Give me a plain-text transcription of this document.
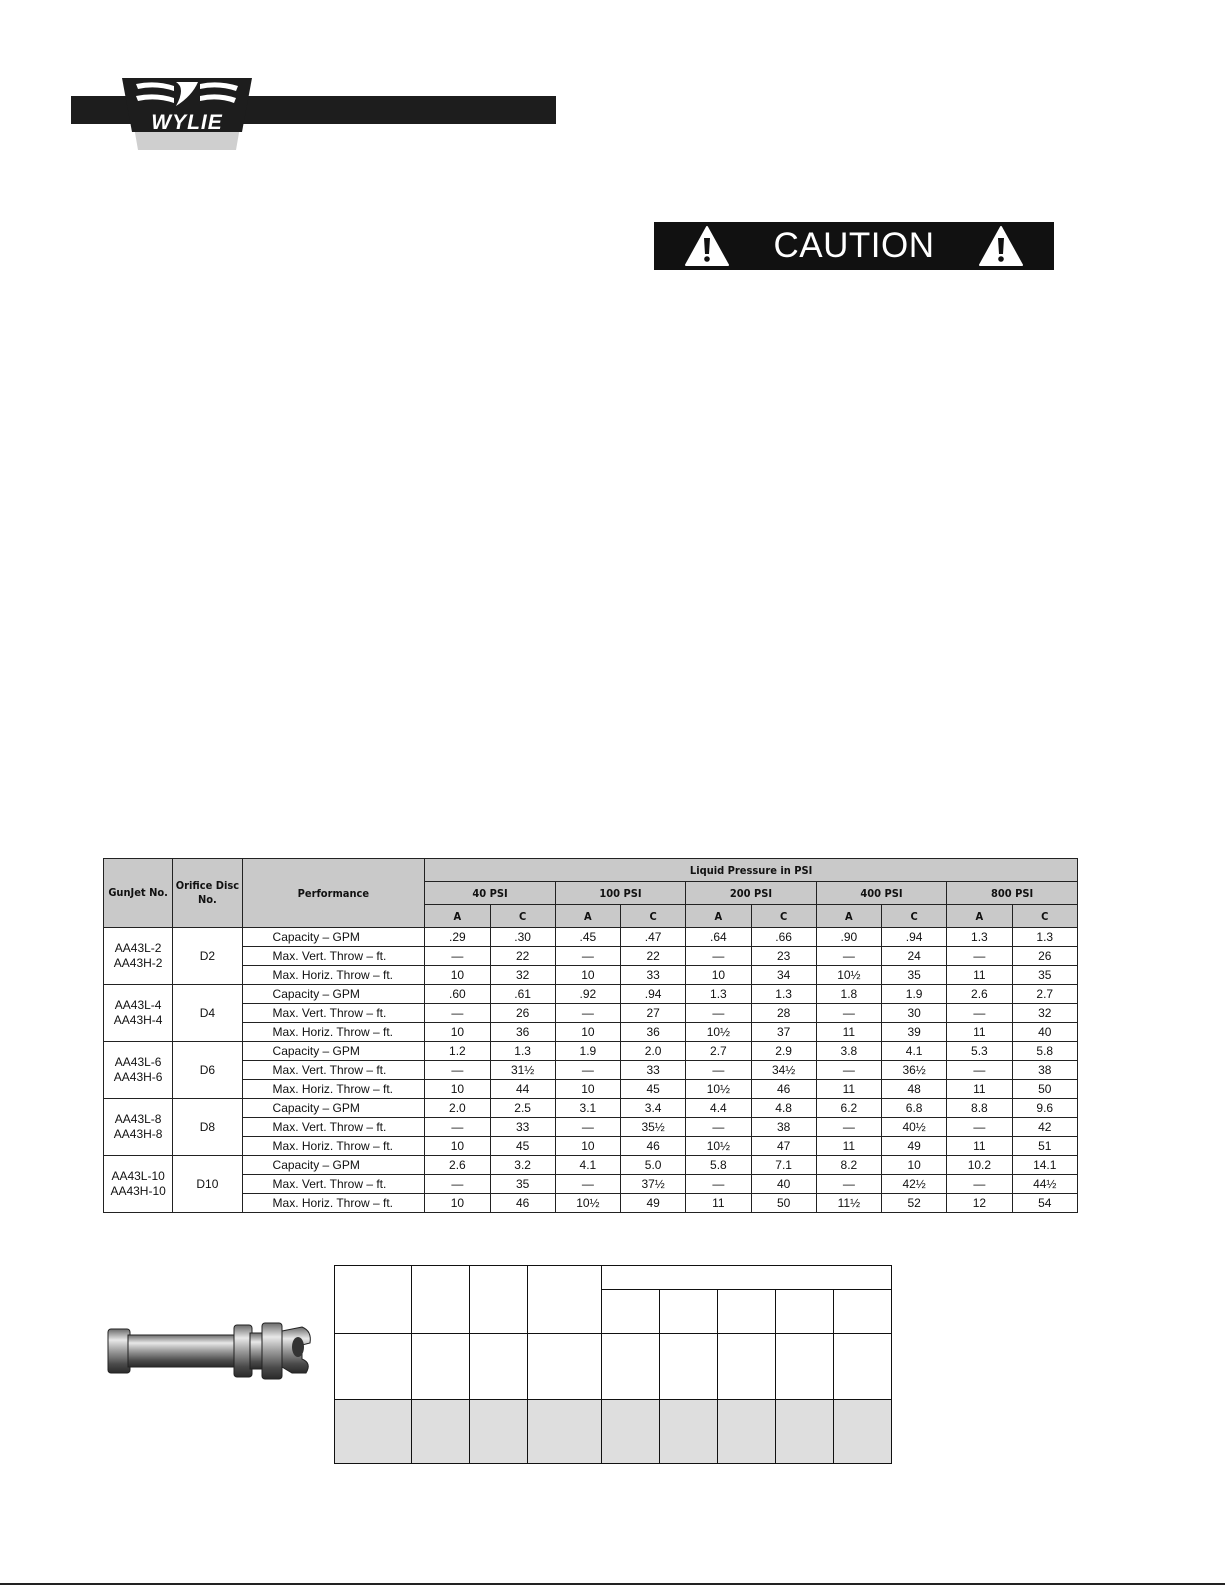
WYLIE
CAUTION
GunJet No.	Orifice Disc No.	Performance	Liquid Pressure in PSI									
			40 PSI		100 PSI		200 PSI		400 PSI		800 PSI	
			A	C	A	C	A	C	A	C	A	C

AA43L-2
AA43H-2	D2	Capacity – GPM	.29	.30	.45	.47	.64	.66	.90	.94	1.3	1.3
		Max. Vert. Throw – ft.	—	22	—	22	—	23	—	24	—	26
		Max. Horiz. Throw – ft.	10	32	10	33	10	34	10½	35	11	35

AA43L-4
AA43H-4	D4	Capacity – GPM	.60	.61	.92	.94	1.3	1.3	1.8	1.9	2.6	2.7
		Max. Vert. Throw – ft.	—	26	—	27	—	28	—	30	—	32
		Max. Horiz. Throw – ft.	10	36	10	36	10½	37	11	39	11	40

AA43L-6
AA43H-6	D6	Capacity – GPM	1.2	1.3	1.9	2.0	2.7	2.9	3.8	4.1	5.3	5.8
		Max. Vert. Throw – ft.	—	31½	—	33	—	34½	—	36½	—	38
		Max. Horiz. Throw – ft.	10	44	10	45	10½	46	11	48	11	50

AA43L-8
AA43H-8	D8	Capacity – GPM	2.0	2.5	3.1	3.4	4.4	4.8	6.2	6.8	8.8	9.6
		Max. Vert. Throw – ft.	—	33	—	35½	—	38	—	40½	—	42
		Max. Horiz. Throw – ft.	10	45	10	46	10½	47	11	49	11	51

AA43L-10
AA43H-10	D10	Capacity – GPM	2.6	3.2	4.1	5.0	5.8	7.1	8.2	10	10.2	14.1
		Max. Vert. Throw – ft.	—	35	—	37½	—	40	—	42½	—	44½
		Max. Horiz. Throw – ft.	10	46	10½	49	11	50	11½	52	12	54
